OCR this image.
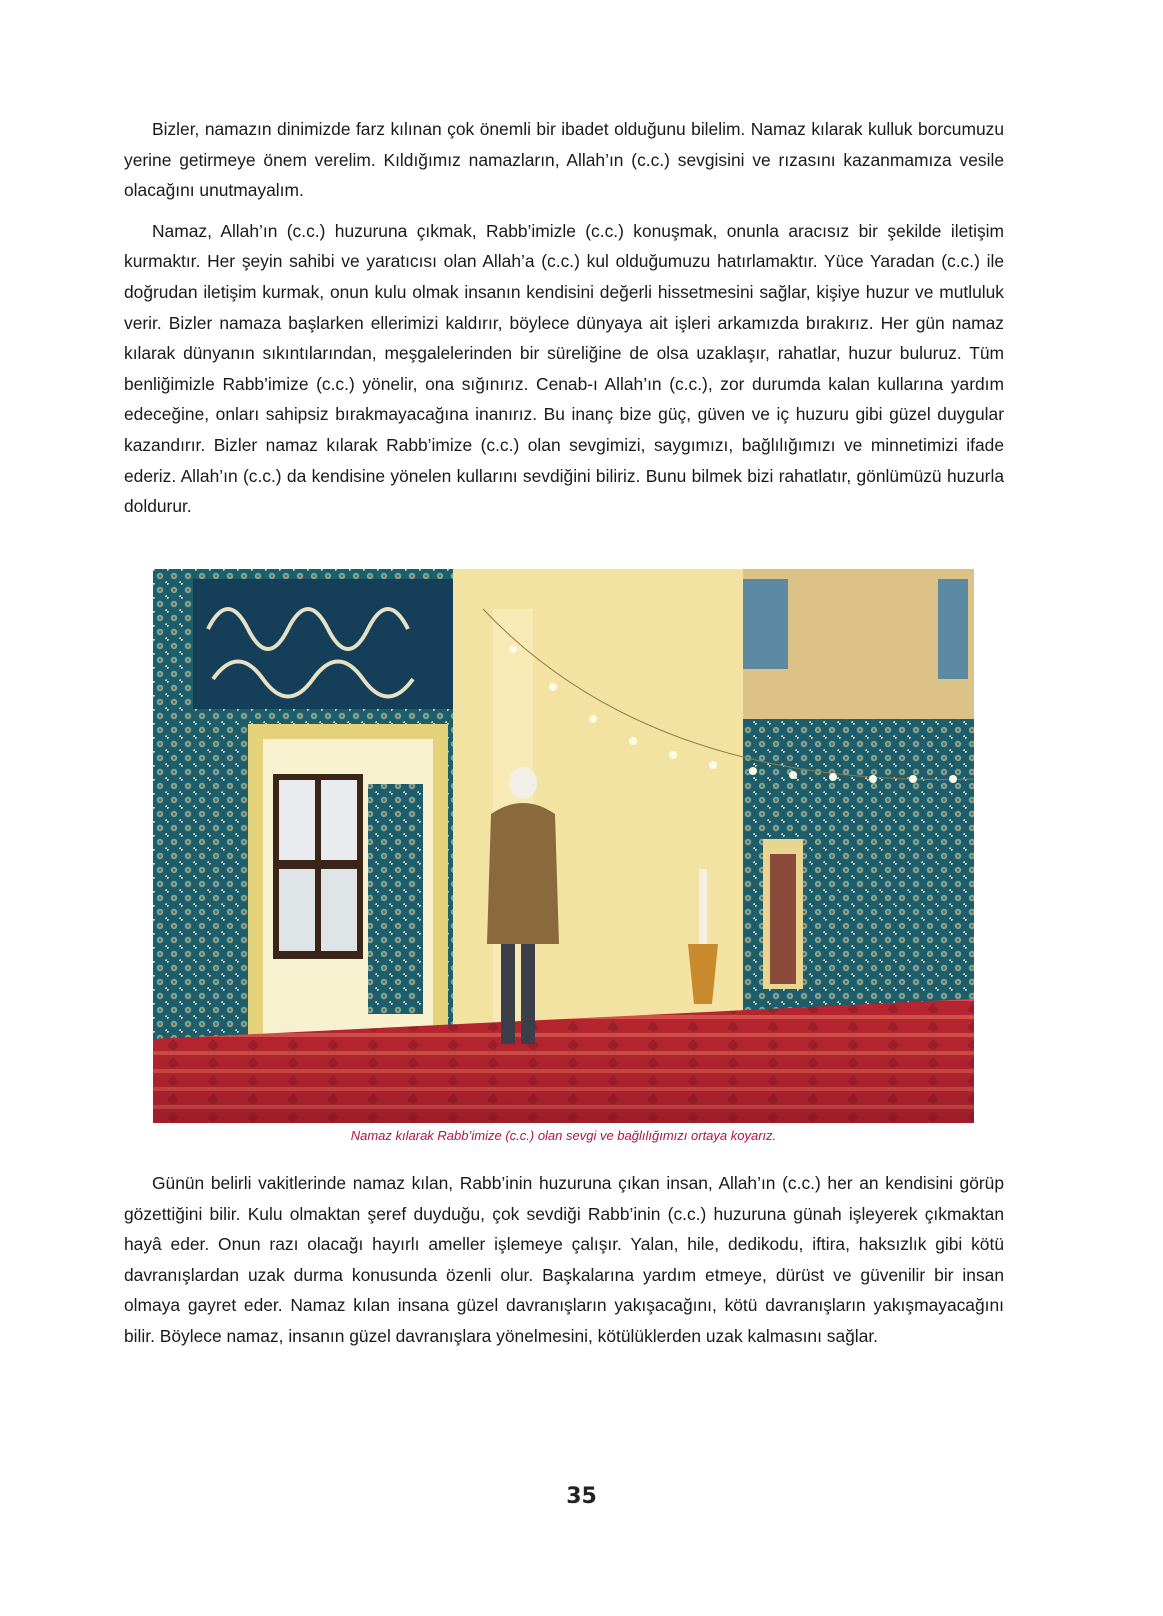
Bizler, namazın dinimizde farz kılınan çok önemli bir ibadet olduğunu bilelim. Namaz kılarak kulluk borcumuzu yerine getirmeye önem verelim. Kıldığımız namazların, Allah’ın (c.c.) sevgisini ve rızasını kazanmamıza vesile olacağını unutmayalım.

Namaz, Allah’ın (c.c.) huzuruna çıkmak, Rabb’imizle (c.c.) konuşmak, onunla aracısız bir şekilde iletişim kurmaktır. Her şeyin sahibi ve yaratıcısı olan Allah’a (c.c.) kul olduğumuzu hatırlamaktır. Yüce Yaradan (c.c.) ile doğrudan iletişim kurmak, onun kulu olmak insanın kendisini değerli hissetmesini sağlar, kişiye huzur ve mutluluk verir. Bizler namaza başlarken ellerimizi kaldırır, böylece dünyaya ait işleri arkamızda bırakırız. Her gün namaz kılarak dünyanın sıkıntılarından, meşgalelerinden bir süreliğine de olsa uzaklaşır, rahatlar, huzur buluruz. Tüm benliğimizle Rabb’imize (c.c.) yönelir, ona sığınırız. Cenab-ı Allah’ın (c.c.), zor durumda kalan kullarına yardım edeceğine, onları sahipsiz bırakmayacağına inanırız. Bu inanç bize güç, güven ve iç huzuru gibi güzel duygular kazandırır. Bizler namaz kılarak Rabb’imize (c.c.) olan sevgimizi, saygımızı, bağlılığımızı ve minnetimizi ifade ederiz. Allah’ın (c.c.) da kendisine yönelen kullarını sevdiğini biliriz. Bunu bilmek bizi rahatlatır, gönlümüzü huzurla doldurur.

Namaz kılarak Rabb’imize (c.c.) olan sevgi ve bağlılığımızı ortaya koyarız.

Günün belirli vakitlerinde namaz kılan, Rabb’inin huzuruna çıkan insan, Allah’ın (c.c.) her an kendisini görüp gözettiğini bilir. Kulu olmaktan şeref duyduğu, çok sevdiği Rabb’inin (c.c.) huzuruna günah işleyerek çıkmaktan hayâ eder. Onun razı olacağı hayırlı ameller işlemeye çalışır. Yalan, hile, dedikodu, iftira, haksızlık gibi kötü davranışlardan uzak durma konusunda özenli olur. Başkalarına yardım etmeye, dürüst ve güvenilir bir insan olmaya gayret eder. Namaz kılan insana güzel davranışların yakışacağını, kötü davranışların yakışmayacağını bilir. Böylece namaz, insanın güzel davranışlara yönelmesini, kötülüklerden uzak kalmasını sağlar.

35
